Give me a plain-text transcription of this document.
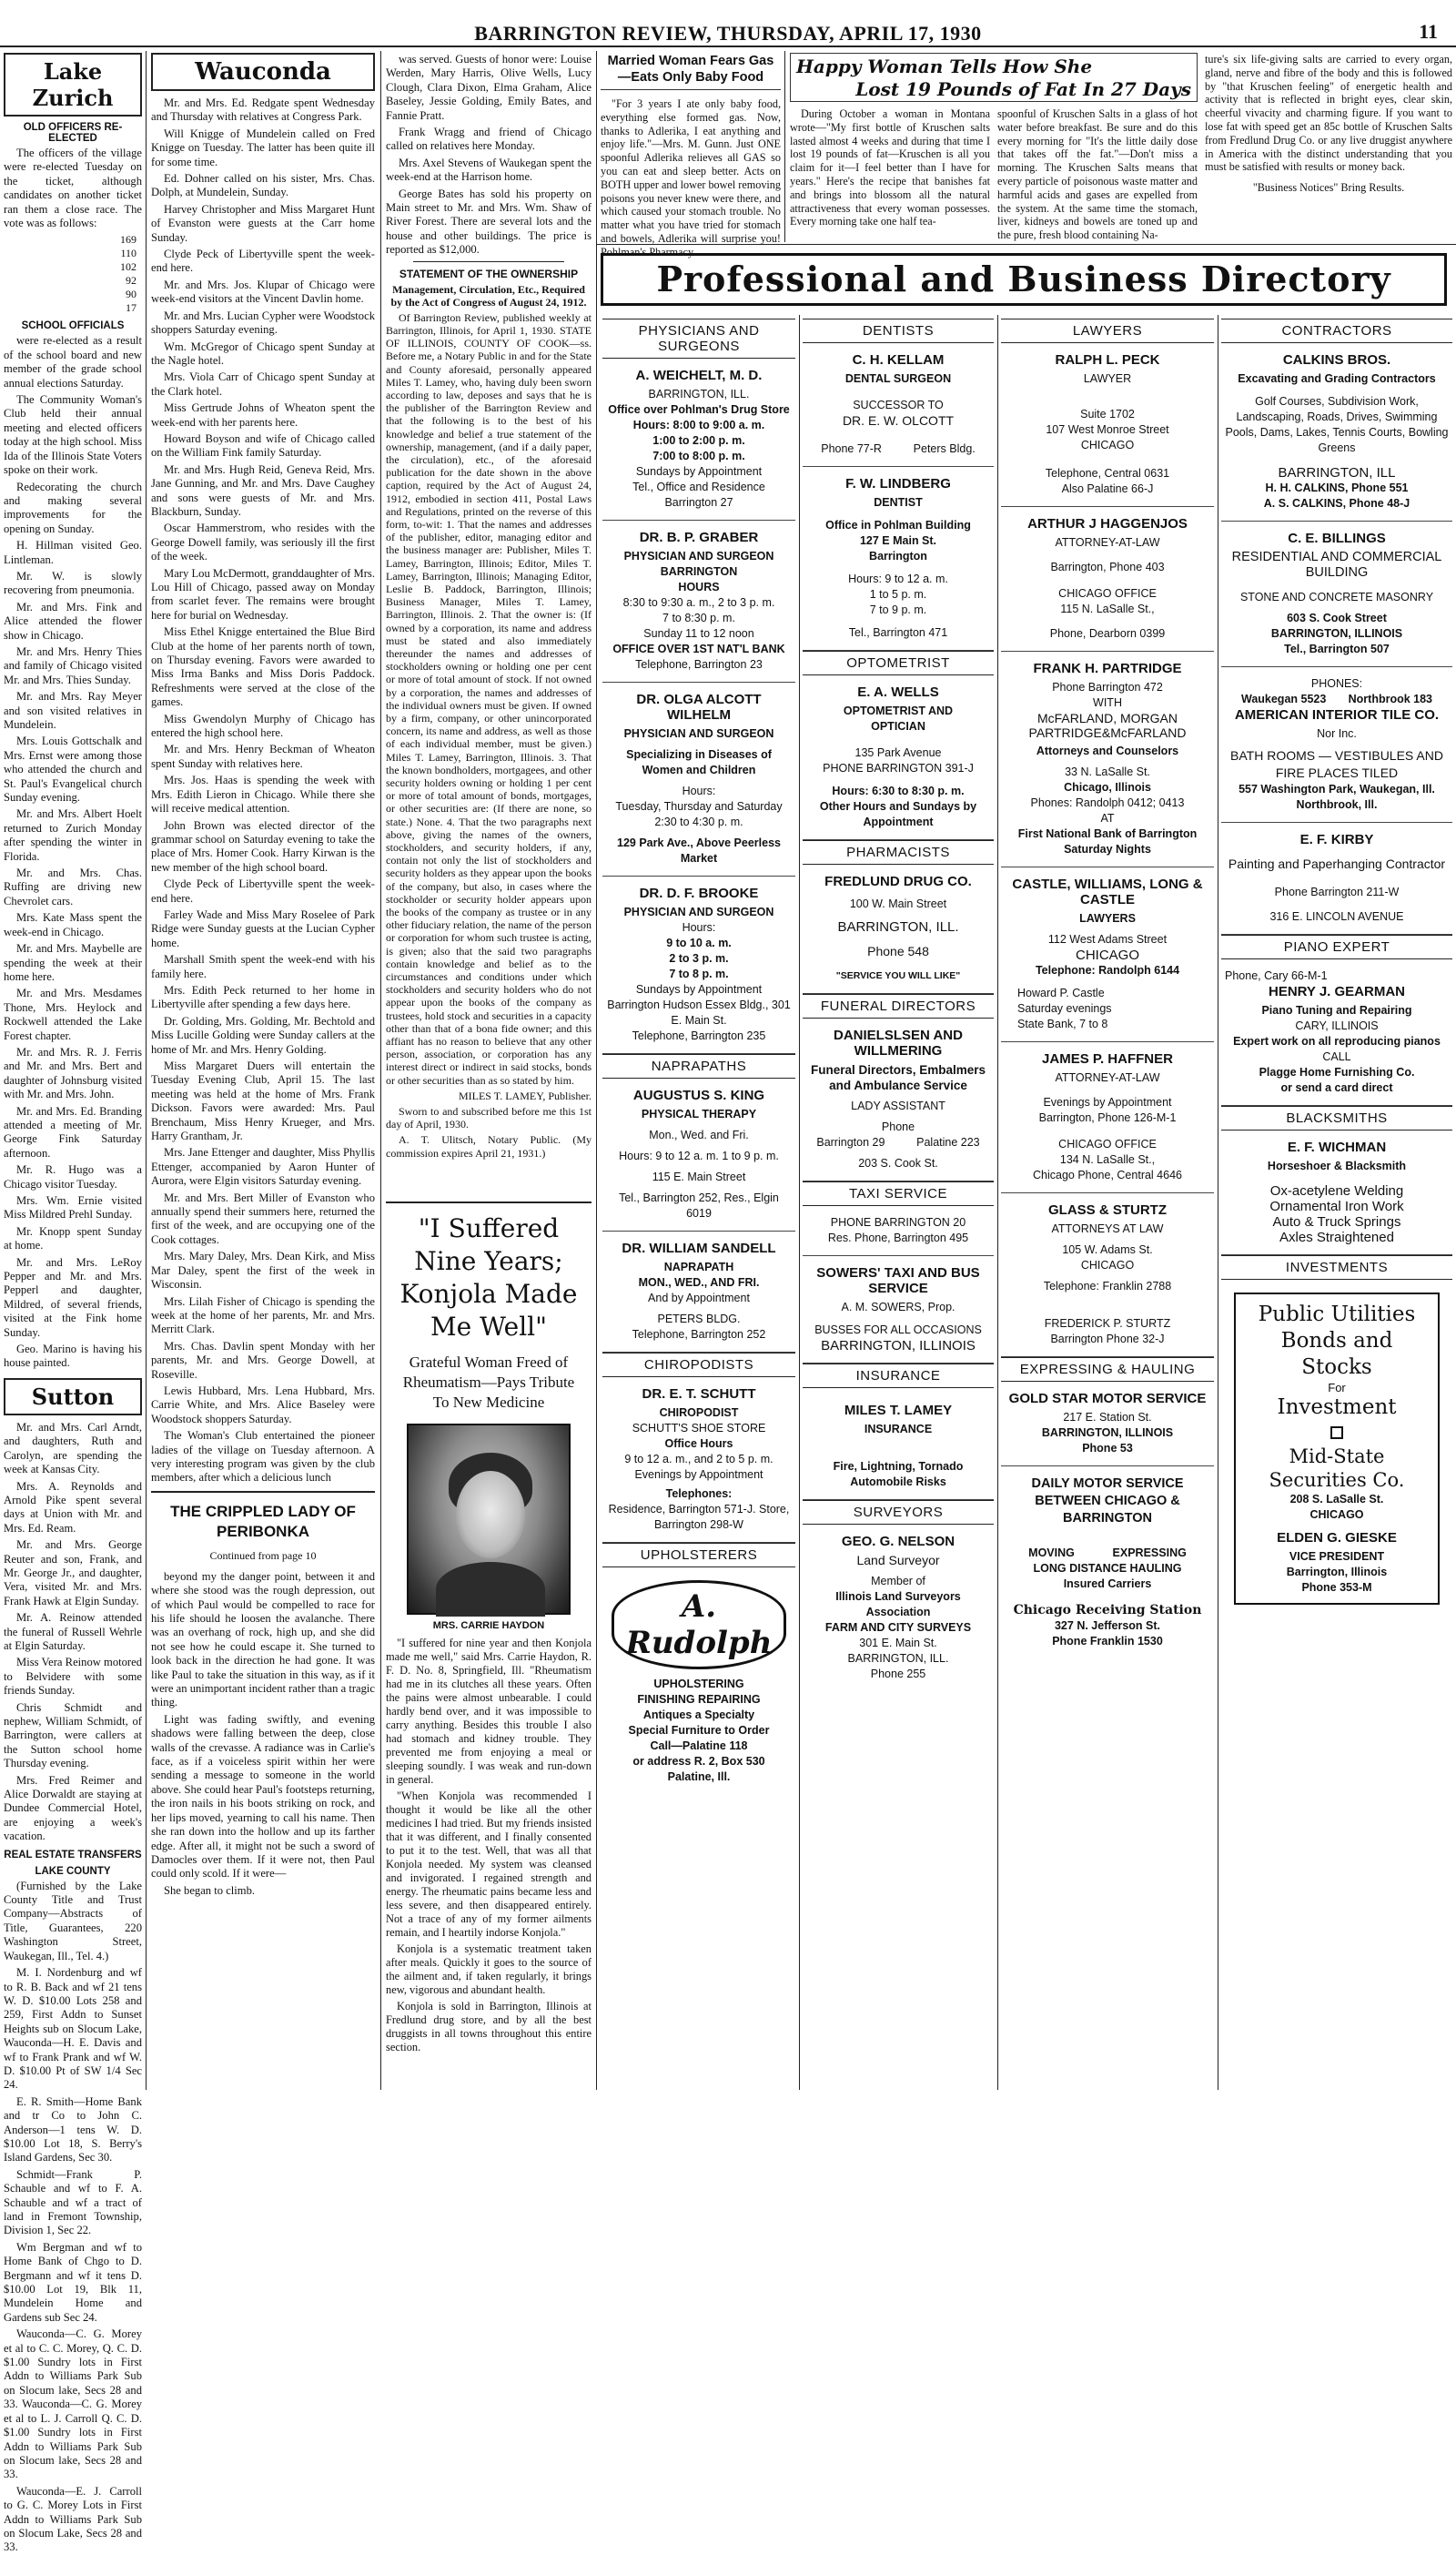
BARRINGTON REVIEW, THURSDAY, APRIL 17, 1930	11
Lake Zurich
OLD OFFICERS RE-ELECTED

The officers of the village were re-elected Tuesday on the ticket, although candidates on another ticket ran them a close race. The vote was as follows:

169
110
102
92
90
17
SCHOOL OFFICIALS

were re-elected as a result of the school board and new member of the grade school annual elections Saturday.

The Community Woman's Club held their annual meeting and elected officers today at the high school. Miss Ida of the Illinois State Voters spoke on their work.

Redecorating the church and making several improvements for the opening on Sunday.

H. Hillman visited Geo. Lintleman.

Mr. W. is slowly recovering from pneumonia.

Mr. and Mrs. Fink and Alice attended the flower show in Chicago.

Mr. and Mrs. Henry Thies and family of Chicago visited Mr. and Mrs. Thies Sunday.

Mr. and Mrs. Ray Meyer and son visited relatives in Mundelein.

Mrs. Louis Gottschalk and Mrs. Ernst were among those who attended the church and St. Paul's Evangelical church Sunday evening.

Mr. and Mrs. Albert Hoelt returned to Zurich Monday after spending the winter in Florida.

Mr. and Mrs. Chas. Ruffing are driving new Chevrolet cars.

Mrs. Kate Mass spent the week-end in Chicago.

Mr. and Mrs. Maybelle are spending the week at their home here.

Mr. and Mrs. Mesdames Thone, Mrs. Heylock and Rockwell attended the Lake Forest chapter.

Mr. and Mrs. R. J. Ferris and Mr. and Mrs. Bert and daughter of Johnsburg visited with Mr. and Mrs. John.

Mr. and Mrs. Ed. Branding attended a meeting of Mr. George Fink Saturday afternoon.

Mr. R. Hugo was a Chicago visitor Tuesday.

Mrs. Wm. Ernie visited Miss Mildred Prehl Sunday.

Mr. Knopp spent Sunday at home.

Mr. and Mrs. LeRoy Pepper and Mr. and Mrs. Pepperl and daughter, Mildred, of several friends, visited at the Fink home Sunday.

Geo. Marino is having his house painted.

Sutton

Mr. and Mrs. Carl Arndt, and daughters, Ruth and Carolyn, are spending the week at Kansas City.

Mrs. A. Reynolds and Arnold Pike spent several days at Union with Mr. and Mrs. Ed. Ream.

Mr. and Mrs. George Reuter and son, Frank, and Mr. George Jr., and daughter, Vera, visited Mr. and Mrs. Frank Hawk at Elgin Sunday.

Mr. A. Reinow attended the funeral of Russell Wehrle at Elgin Saturday.

Miss Vera Reinow motored to Belvidere with some friends Sunday.

Chris Schmidt and nephew, William Schmidt, of Barrington, were callers at the Sutton school home Thursday evening.

Mrs. Fred Reimer and Alice Dorwaldt are staying at Dundee Commercial Hotel, are enjoying a week's vacation.

REAL ESTATE TRANSFERS
LAKE COUNTY

(Furnished by the Lake County Title and Trust Company—Abstracts of Title, Guarantees, 220 Washington Street, Waukegan, Ill., Tel. 4.)

M. I. Nordenburg and wf to R. B. Back and wf 21 tens W. D. $10.00 Lots 258 and 259, First Addn to Sunset Heights sub on Slocum Lake, Wauconda—H. E. Davis and wf to Frank Prank and wf W. D. $10.00 Pt of SW 1/4 Sec 24.

E. R. Smith—Home Bank and tr Co to John C. Anderson—1 tens W. D. $10.00 Lot 18, S. Berry's Island Gardens, Sec 30.

Schmidt—Frank P. Schauble and wf to F. A. Schauble and wf a tract of land in Fremont Township, Division 1, Sec 22.

Wm Bergman and wf to Home Bank of Chgo to D. Bergmann and wf it tens D. $10.00 Lot 19, Blk 11, Mundelein Home and Gardens sub Sec 24.

Wauconda—C. G. Morey et al to C. C. Morey, Q. C. D. $1.00 Sundry lots in First Addn to Williams Park Sub on Slocum lake, Secs 28 and 33. Wauconda—C. G. Morey et al to L. J. Carroll Q. C. D. $1.00 Sundry lots in First Addn to Williams Park Sub on Slocum lake, Secs 28 and 33.

Wauconda—E. J. Carroll to G. C. Morey Lots in First Addn to Williams Park Sub on Slocum Lake, Secs 28 and 33.

Wauconda

Mr. and Mrs. Ed. Redgate spent Wednesday and Thursday with relatives at Congress Park.

Will Knigge of Mundelein called on Fred Knigge on Tuesday. The latter has been quite ill for some time.

Ed. Dohner called on his sister, Mrs. Chas. Dolph, at Mundelein, Sunday.

Harvey Christopher and Miss Margaret Hunt of Evanston were guests at the Carr home Sunday.

Clyde Peck of Libertyville spent the week-end here.

Mr. and Mrs. Jos. Klupar of Chicago were week-end visitors at the Vincent Davlin home.

Mr. and Mrs. Lucian Cypher were Woodstock shoppers Saturday evening.

Wm. McGregor of Chicago spent Sunday at the Nagle hotel.

Mrs. Viola Carr of Chicago spent Sunday at the Clark hotel.

Miss Gertrude Johns of Wheaton spent the week-end with her parents here.

Howard Boyson and wife of Chicago called on the William Fink family Saturday.

Mr. and Mrs. Hugh Reid, Geneva Reid, Mrs. Jane Gunning, and Mr. and Mrs. Dave Caughey and sons were guests of Mr. and Mrs. Blackburn, Sunday.

Oscar Hammerstrom, who resides with the George Dowell family, was seriously ill the first of the week.

Mary Lou McDermott, granddaughter of Mrs. Lou Hill of Chicago, passed away on Monday from scarlet fever. The remains were brought here for burial on Wednesday.

Miss Ethel Knigge entertained the Blue Bird Club at the home of her parents north of town, on Thursday evening. Favors were awarded to Miss Irma Banks and Miss Doris Paddock. Refreshments were served at the close of the games.

Miss Gwendolyn Murphy of Chicago has entered the high school here.

Mr. and Mrs. Henry Beckman of Wheaton spent Sunday with relatives here.

Mrs. Jos. Haas is spending the week with Mrs. Edith Lieron in Chicago. While there she will receive medical attention.

John Brown was elected director of the grammar school on Saturday evening to take the place of Mrs. Homer Cook. Harry Kirwan is the new member of the high school board.

Clyde Peck of Libertyville spent the week-end here.

Farley Wade and Miss Mary Roselee of Park Ridge were Sunday guests at the Lucian Cypher home.

Marshall Smith spent the week-end with his family here.

Mrs. Edith Peck returned to her home in Libertyville after spending a few days here.

Dr. Golding, Mrs. Golding, Mr. Bechtold and Miss Lucille Golding were Sunday callers at the home of Mr. and Mrs. Henry Golding.

Miss Margaret Duers will entertain the Tuesday Evening Club, April 15. The last meeting was held at the home of Mrs. Frank Dickson. Favors were awarded: Mrs. Paul Brenchaum, Miss Henry Krueger, and Mrs. Harry Grantham, Jr.

Mrs. Jane Ettenger and daughter, Miss Phyllis Ettenger, accompanied by Aaron Hunter of Aurora, were Elgin visitors Saturday evening.

Mr. and Mrs. Bert Miller of Evanston who annually spend their summers here, returned the first of the week, and are occupying one of the Cook cottages.

Mrs. Mary Daley, Mrs. Dean Kirk, and Miss Mar Daley, spent the first of the week in Wisconsin.

Mrs. Lilah Fisher of Chicago is spending the week at the home of her parents, Mr. and Mrs. Merritt Clark.

Mrs. Chas. Davlin spent Monday with her parents, Mr. and Mrs. George Dowell, at Roseville.

Lewis Hubbard, Mrs. Lena Hubbard, Mrs. Carrie White, and Mrs. Alice Baseley were Woodstock shoppers Saturday.

The Woman's Club entertained the pioneer ladies of the village on Tuesday afternoon. A very interesting program was given by the club members, after which a delicious lunch

THE CRIPPLED LADY OF PERIBONKA
Continued from page 10

beyond my the danger point, between it and where she stood was the rough depression, out of which Paul would be compelled to race for his life should he loosen the avalanche. There was an overhang of rock, high up, and she did not see how he could escape it. She turned to look back in the direction he had gone. It was like Paul to take the situation in this way, as if it were an unimportant incident rather than a tragic thing.

Light was fading swiftly, and evening shadows were falling between the deep, close walls of the crevasse. A radiance was in Carlie's face, as if a voiceless spirit within her were sending a message to someone in the world above. She could hear Paul's footsteps returning, the iron nails in his boots striking on rock, and her lips moved, yearning to call his name. Then she ran down into the hollow and up its farther edge. After all, it might not be such a sword of Damocles over them. If it were not, then Paul could only scold. If it were—

She began to climb.

was served. Guests of honor were: Louise Werden, Mary Harris, Olive Wells, Lucy Clough, Clara Dixon, Elma Graham, Alice Baseley, Jessie Golding, Emily Bates, and Fannie Pratt.

Frank Wragg and friend of Chicago called on relatives here Monday.

Mrs. Axel Stevens of Waukegan spent the week-end at the Harrison home.

George Bates has sold his property on Main street to Mr. and Mrs. Wm. Shaw of River Forest. There are several lots and the house and other buildings. The price is reported as $12,000.

STATEMENT OF THE OWNERSHIP
Management, Circulation, Etc., Required by the Act of Congress of August 24, 1912.

Of Barrington Review, published weekly at Barrington, Illinois, for April 1, 1930. STATE OF ILLINOIS, COUNTY OF COOK—ss. Before me, a Notary Public in and for the State and County aforesaid, personally appeared Miles T. Lamey, who, having duly been sworn according to law, deposes and says that he is the publisher of the Barrington Review and that the following is to the best of his knowledge and belief a true statement of the ownership, management, (and if a daily paper, the circulation), etc., of the aforesaid publication for the date shown in the above caption, required by the Act of August 24, 1912, embodied in section 411, Postal Laws and Regulations, printed on the reverse of this form, to-wit: 1. That the names and addresses of the publisher, editor, managing editor and the business manager are: Publisher, Miles T. Lamey, Barrington, Illinois; Editor, Miles T. Lamey, Barrington, Illinois; Managing Editor, Leslie B. Paddock, Barrington, Illinois; Business Manager, Miles T. Lamey, Barrington, Illinois. 2. That the owner is: (If owned by a corporation, its name and address must be stated and also immediately thereunder the names and addresses of stockholders owning or holding one per cent or more of total amount of stock. If not owned by a corporation, the names and addresses of the individual owners must be given. If owned by a firm, company, or other unincorporated concern, its name and address, as well as those of each individual member, must be given.) Miles T. Lamey, Barrington, Illinois. 3. That the known bondholders, mortgagees, and other security holders owning or holding 1 per cent or more of total amount of bonds, mortgages, or other securities are: (If there are none, so state.) None. 4. That the two paragraphs next above, giving the names of the owners, stockholders, and security holders, if any, contain not only the list of stockholders and security holders as they appear upon the books of the company, but also, in cases where the stockholder or security holder appears upon the books of the company as trustee or in any other fiduciary relation, the name of the person or corporation for whom such trustee is acting, is given; also that the said two paragraphs contain knowledge and belief as to the circumstances and conditions under which stockholders and security holders who do not appear upon the books of the company as trustees, hold stock and securities in a capacity other than that of a bona fide owner; and this affiant has no reason to believe that any other person, association, or corporation has any interest direct or indirect in said stocks, bonds or other securities than as so stated by him.

MILES T. LAMEY, Publisher.

Sworn to and subscribed before me this 1st day of April, 1930.

A. T. Ulitsch, Notary Public. (My commission expires April 21, 1931.)

"I Suffered Nine Years; Konjola Made Me Well"
Grateful Woman Freed of Rheumatism—Pays Tribute To New Medicine
MRS. CARRIE HAYDON

"I suffered for nine year and then Konjola made me well," said Mrs. Carrie Haydon, R. F. D. No. 8, Springfield, Ill. "Rheumatism had me in its clutches all these years. Often the pains were almost unbearable. I could hardly bend over, and it was impossible to carry anything. Besides this trouble I also had stomach and kidney trouble. They prevented me from enjoying a meal or sleeping soundly. I was weak and run-down in general.

"When Konjola was recommended I thought it would be like all the other medicines I had tried. But my friends insisted that it was different, and I finally consented to put it to the test. Well, that was all that Konjola needed. My system was cleansed and invigorated. I regained strength and energy. The rheumatic pains became less and less severe, and then disappeared entirely. Not a trace of any of my former ailments remain, and I heartily indorse Konjola."

Konjola is a systematic treatment taken after meals. Quickly it goes to the source of the ailment and, if taken regularly, it brings new, vigorous and abundant health.

Konjola is sold in Barrington, Illinois at Fredlund drug store, and by all the best druggists in all towns throughout this entire section.

Married Woman Fears Gas —Eats Only Baby Food

"For 3 years I ate only baby food, everything else formed gas. Now, thanks to Adlerika, I eat anything and enjoy life."—Mrs. M. Gunn. Just ONE spoonful Adlerika relieves all GAS so you can eat and sleep better. Acts on BOTH upper and lower bowel removing poisons you never knew were there, and which caused your stomach trouble. No matter what you have tried for stomach and bowels, Adlerika will surprise you! Pohlman's Pharmacy.

Happy Woman Tells How She
Lost 19 Pounds of Fat In 27 Days

During October a woman in Montana wrote—"My first bottle of Kruschen salts lasted almost 4 weeks and during that time I lost 19 pounds of fat—Kruschen is all you claim for it—I feel better than I have for years." Here's the recipe that banishes fat and brings into blossom all the natural attractiveness that every woman possesses. Every morning take one half tea-

spoonful of Kruschen Salts in a glass of hot water before breakfast. Be sure and do this every morning for "It's the little daily dose that takes off the fat."—Don't miss a morning. The Kruschen Salts means that every particle of poisonous waste matter and harmful acids and gases are expelled from the system. At the same time the stomach, liver, kidneys and bowels are toned up and the pure, fresh blood containing Na-

ture's six life-giving salts are carried to every organ, gland, nerve and fibre of the body and this is followed by "that Kruschen feeling" of energetic health and activity that is reflected in bright eyes, clear skin, cheerful vivacity and charming figure. If you want to lose fat with speed get an 85c bottle of Kruschen Salts from Fredlund Drug Co. or any live druggist anywhere in America with the distinct understanding that you must be satisfied with results or money back.

"Business Notices" Bring Results.

Professional and Business Directory
PHYSICIANS AND SURGEONS
A. WEICHELT, M. D.
BARRINGTON, ILL.
Office over Pohlman's Drug Store
Hours: 8:00 to 9:00 a. m.
1:00 to 2:00 p. m.
7:00 to 8:00 p. m.
Sundays by Appointment
Tel., Office and Residence Barrington 27
DR. B. P. GRABER
PHYSICIAN AND SURGEON
BARRINGTON
HOURS
8:30 to 9:30 a. m., 2 to 3 p. m.
7 to 8:30 p. m.
Sunday 11 to 12 noon
OFFICE OVER 1ST NAT'L BANK
Telephone, Barrington 23
DR. OLGA ALCOTT WILHELM
PHYSICIAN AND SURGEON
Specializing in Diseases of Women and Children
Hours:
Tuesday, Thursday and Saturday
2:30 to 4:30 p. m.
129 Park Ave., Above Peerless Market
DR. D. F. BROOKE
PHYSICIAN AND SURGEON
Hours:
9 to 10 a. m.
2 to 3 p. m.
7 to 8 p. m.
Sundays by Appointment
Barrington Hudson Essex Bldg., 301 E. Main St.
Telephone, Barrington 235
NAPRAPATHS
AUGUSTUS S. KING
PHYSICAL THERAPY
Mon., Wed. and Fri.
Hours: 9 to 12 a. m. 1 to 9 p. m.
115 E. Main Street
Tel., Barrington 252, Res., Elgin 6019
DR. WILLIAM SANDELL
NAPRAPATH
MON., WED., AND FRI.
And by Appointment
PETERS BLDG.
Telephone, Barrington 252
CHIROPODISTS
DR. E. T. SCHUTT
CHIROPODIST
SCHUTT'S SHOE STORE
Office Hours
9 to 12 a. m., and 2 to 5 p. m. Evenings by Appointment
Telephones:
Residence, Barrington 571-J. Store, Barrington 298-W
UPHOLSTERERS
A. Rudolph
UPHOLSTERING
FINISHING REPAIRING
Antiques a Specialty
Special Furniture to Order
Call—Palatine 118
or address R. 2, Box 530
Palatine, Ill.
DENTISTS
C. H. KELLAM
DENTAL SURGEON
SUCCESSOR TO
DR. E. W. OLCOTT
Phone 77-R          Peters Bldg.
F. W. LINDBERG
DENTIST
Office in Pohlman Building
127 E Main St.
Barrington
Hours: 9 to 12 a. m.
1 to 5 p. m.
7 to 9 p. m.
Tel., Barrington 471
OPTOMETRIST
E. A. WELLS
OPTOMETRIST AND
OPTICIAN
135 Park Avenue
PHONE BARRINGTON 391-J
Hours: 6:30 to 8:30 p. m.
Other Hours and Sundays by Appointment
PHARMACISTS
FREDLUND DRUG CO.
100 W. Main Street
BARRINGTON, ILL.
Phone 548
"SERVICE YOU WILL LIKE"
FUNERAL DIRECTORS
DANIELSLSEN AND WILLMERING
Funeral Directors, Embalmers and Ambulance Service
LADY ASSISTANT
Phone
Barrington 29          Palatine 223
203 S. Cook St.
TAXI SERVICE
PHONE BARRINGTON 20
Res. Phone, Barrington 495
SOWERS' TAXI AND BUS SERVICE
A. M. SOWERS, Prop.
BUSSES FOR ALL OCCASIONS
BARRINGTON, ILLINOIS
INSURANCE
MILES T. LAMEY
INSURANCE
Fire, Lightning, Tornado
Automobile Risks
SURVEYORS
GEO. G. NELSON
Land Surveyor
Member of
Illinois Land Surveyors Association
FARM AND CITY SURVEYS
301 E. Main St.
BARRINGTON, ILL.
Phone 255
LAWYERS
RALPH L. PECK
LAWYER
Suite 1702
107 West Monroe Street
CHICAGO
Telephone, Central 0631
Also Palatine 66-J
ARTHUR J HAGGENJOS
ATTORNEY-AT-LAW
Barrington, Phone 403
CHICAGO OFFICE
115 N. LaSalle St.,
Phone, Dearborn 0399
FRANK H. PARTRIDGE
Phone Barrington 472
WITH
McFARLAND, MORGAN PARTRIDGE&McFARLAND
Attorneys and Counselors
33 N. LaSalle St.
Chicago, Illinois
Phones: Randolph 0412; 0413
AT
First National Bank of Barrington Saturday Nights
CASTLE, WILLIAMS, LONG & CASTLE
LAWYERS
112 West Adams Street
CHICAGO
Telephone: Randolph 6144
Howard P. Castle
Saturday evenings
State Bank, 7 to 8
JAMES P. HAFFNER
ATTORNEY-AT-LAW
Evenings by Appointment
Barrington, Phone 126-M-1
CHICAGO OFFICE
134 N. LaSalle St.,
Chicago Phone, Central 4646
GLASS & STURTZ
ATTORNEYS AT LAW
105 W. Adams St.
CHICAGO
Telephone: Franklin 2788
FREDERICK P. STURTZ
Barrington Phone 32-J
EXPRESSING & HAULING
GOLD STAR MOTOR SERVICE
217 E. Station St.
BARRINGTON, ILLINOIS
Phone 53
DAILY MOTOR SERVICE BETWEEN CHICAGO & BARRINGTON
MOVING            EXPRESSING
LONG DISTANCE HAULING
Insured Carriers
Chicago Receiving Station
327 N. Jefferson St.
Phone Franklin 1530
CONTRACTORS
CALKINS BROS.
Excavating and Grading Contractors
Golf Courses, Subdivision Work, Landscaping, Roads, Drives, Swimming Pools, Dams, Lakes, Tennis Courts, Bowling Greens
BARRINGTON, ILL
H. H. CALKINS, Phone 551
A. S. CALKINS, Phone 48-J
C. E. BILLINGS
RESIDENTIAL AND COMMERCIAL BUILDING
STONE AND CONCRETE MASONRY
603 S. Cook Street
BARRINGTON, ILLINOIS
Tel., Barrington 507
PHONES:
Waukegan 5523       Northbrook 183
AMERICAN INTERIOR TILE CO.
Nor Inc.
BATH ROOMS — VESTIBULES AND FIRE PLACES TILED
557 Washington Park, Waukegan, Ill.
Northbrook, Ill.
E. F. KIRBY
Painting and Paperhanging Contractor
Phone Barrington 211-W
316 E. LINCOLN AVENUE
PIANO EXPERT
Phone, Cary 66-M-1
HENRY J. GEARMAN
Piano Tuning and Repairing
CARY, ILLINOIS
Expert work on all reproducing pianos
CALL
Plagge Home Furnishing Co.
or send a card direct
BLACKSMITHS
E. F. WICHMAN
Horseshoer & Blacksmith
Ox-acetylene Welding
Ornamental Iron Work
Auto & Truck Springs
Axles Straightened
INVESTMENTS
Public Utilities
Bonds and
Stocks
For
Investment
Mid-State
Securities Co.
208 S. LaSalle St.
CHICAGO
ELDEN G. GIESKE
VICE PRESIDENT
Barrington, Illinois
Phone 353-M
